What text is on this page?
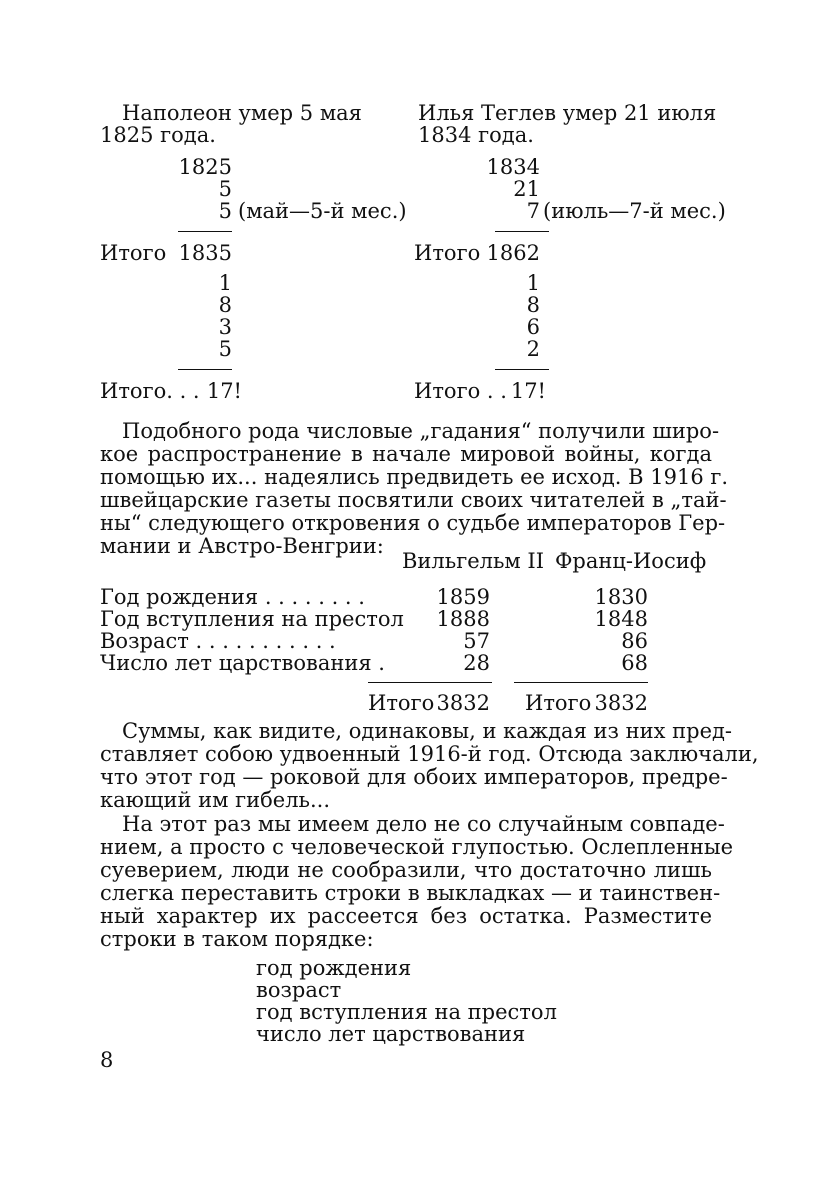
Наполеон умер 5 мая
1825 года.
1825
5
5 (май—5-й мес.)
Итого 1835
1
8
3
5
Итого. . . 17!
Илья Теглев умер 21 июля
1834 года.
1834
21
7 (июль—7-й мес.)
Итого 1862
1
8
6
2
Итого . . 17!
Подобного рода числовые „гадания“ получили широ-
кое распространение в начале мировой войны, когда
помощью их... надеялись предвидеть ее исход. В 1916 г.
швейцарские газеты посвятили своих читателей в „тай-
ны“ следующего откровения о судьбе императоров Гер-
мании и Австро-Венгрии:
Вильгельм II Франц-Иосиф
Год рождения . . . . . . . .	1859	1830
Год вступления на престол	1888	1848
Возраст . . . . . . . . . . .	57	86
Число лет царствования .	28	68
Итого 3832 Итого 3832
Суммы, как видите, одинаковы, и каждая из них пред-
ставляет собою удвоенный 1916-й год. Отсюда заключали,
что этот год — роковой для обоих императоров, предре-
кающий им гибель...
На этот раз мы имеем дело не со случайным совпаде-
нием, а просто с человеческой глупостью. Ослепленные
суеверием, люди не сообразили, что достаточно лишь
слегка переставить строки в выкладках — и таинствен-
ный характер их рассеется без остатка. Разместите
строки в таком порядке:
год рождения
возраст
год вступления на престол
число лет царствования
8
